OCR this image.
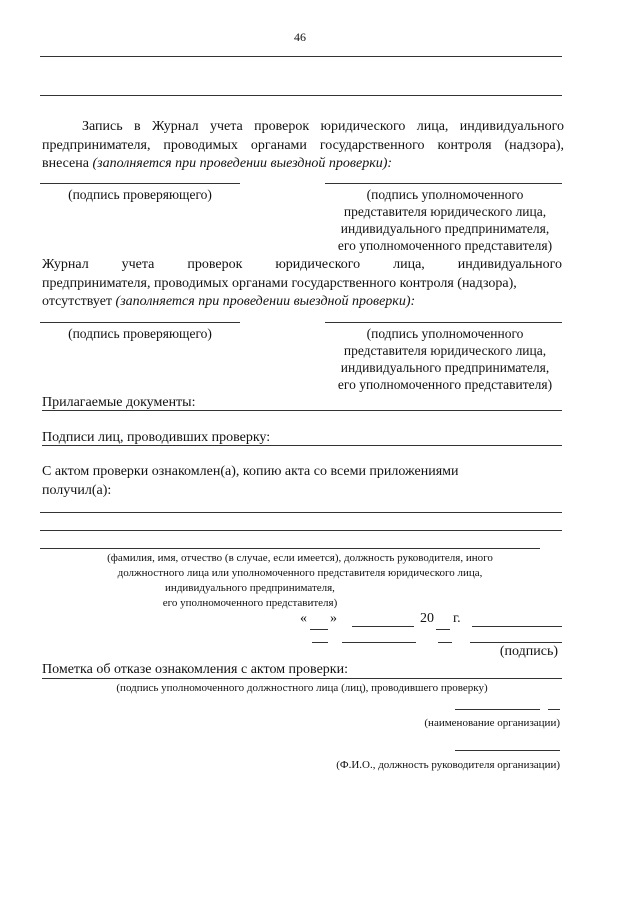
46
Запись в Журнал учета проверок юридического лица, индивидуального предпринимателя, проводимых органами государственного контроля (надзора), внесена (заполняется при проведении выездной проверки):
(подпись проверяющего)	(подпись уполномоченного
представителя юридического лица,
индивидуального предпринимателя,
его уполномоченного представителя)
Журнал учета проверок юридического лица, индивидуального
предпринимателя, проводимых органами государственного контроля (надзора),
отсутствует (заполняется при проведении выездной проверки):
(подпись проверяющего)	(подпись уполномоченного
представителя юридического лица,
индивидуального предпринимателя,
его уполномоченного представителя)
Прилагаемые документы:
Подписи лиц, проводивших проверку:
С актом проверки ознакомлен(а), копию акта со всеми приложениями
получил(а):
(фамилия, имя, отчество (в случае, если имеется), должность руководителя, иного
должностного лица или уполномоченного представителя юридического лица,
индивидуального предпринимателя,
его уполномоченного представителя)
« »	20 г.
(подпись)
Пометка об отказе ознакомления с актом проверки:
(подпись уполномоченного должностного лица (лиц), проводившего проверку)
(наименование организации)
(Ф.И.О., должность руководителя организации)
